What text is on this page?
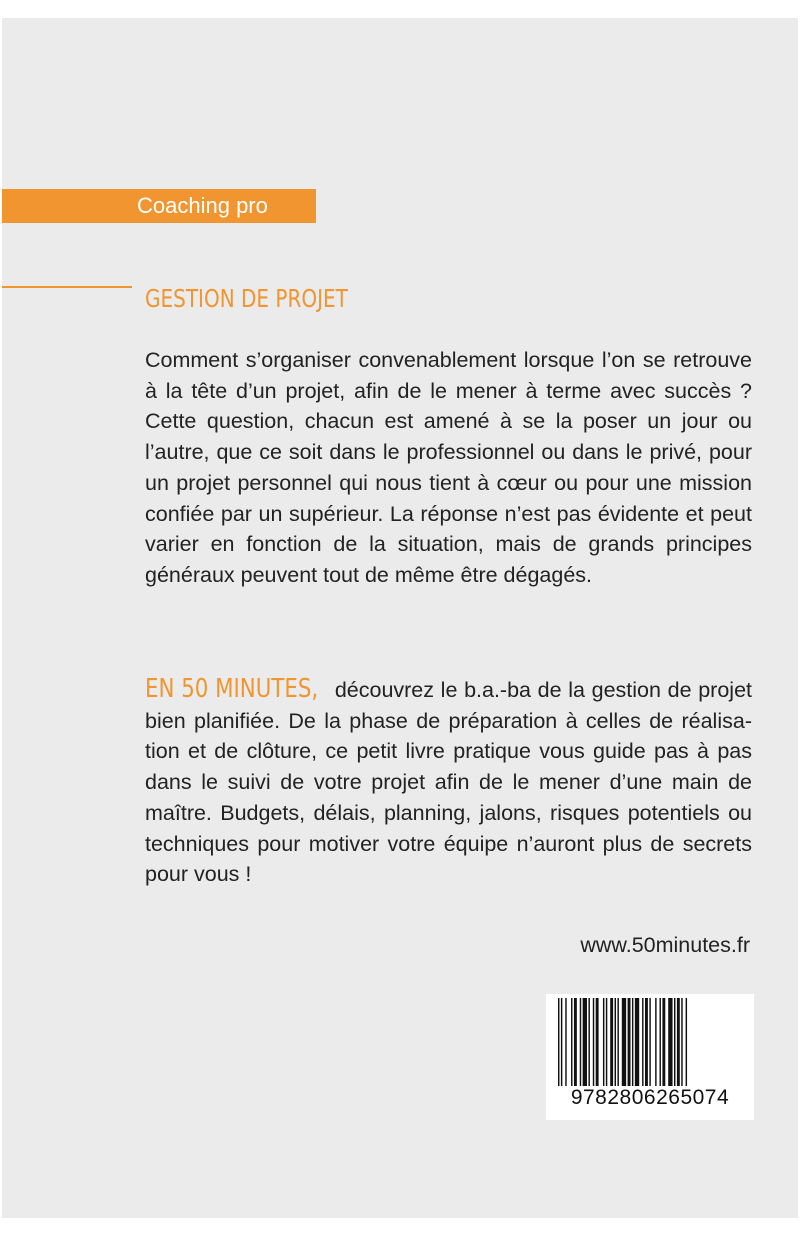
Coaching pro
GESTION DE PROJET

Comment s’organiser convenablement lorsque l’on se retrouve à la tête d’un projet, afin de le mener à terme avec succès ? Cette question, chacun est amené à se la poser un jour ou l’autre, que ce soit dans le professionnel ou dans le privé, pour un projet personnel qui nous tient à cœur ou pour une mission confiée par un supérieur. La réponse n’est pas évidente et peut varier en fonction de la situation, mais de grands principes généraux peuvent tout de même être dégagés.

EN 50 MINUTES, découvrez le b.a.-ba de la gestion de projet bien planifiée. De la phase de préparation à celles de réalisation et de clôture, ce petit livre pratique vous guide pas à pas dans le suivi de votre projet afin de le mener d’une main de maître. Budgets, délais, planning, jalons, risques potentiels ou techniques pour motiver votre équipe n’auront plus de secrets pour vous !

www.50minutes.fr
9782806265074
